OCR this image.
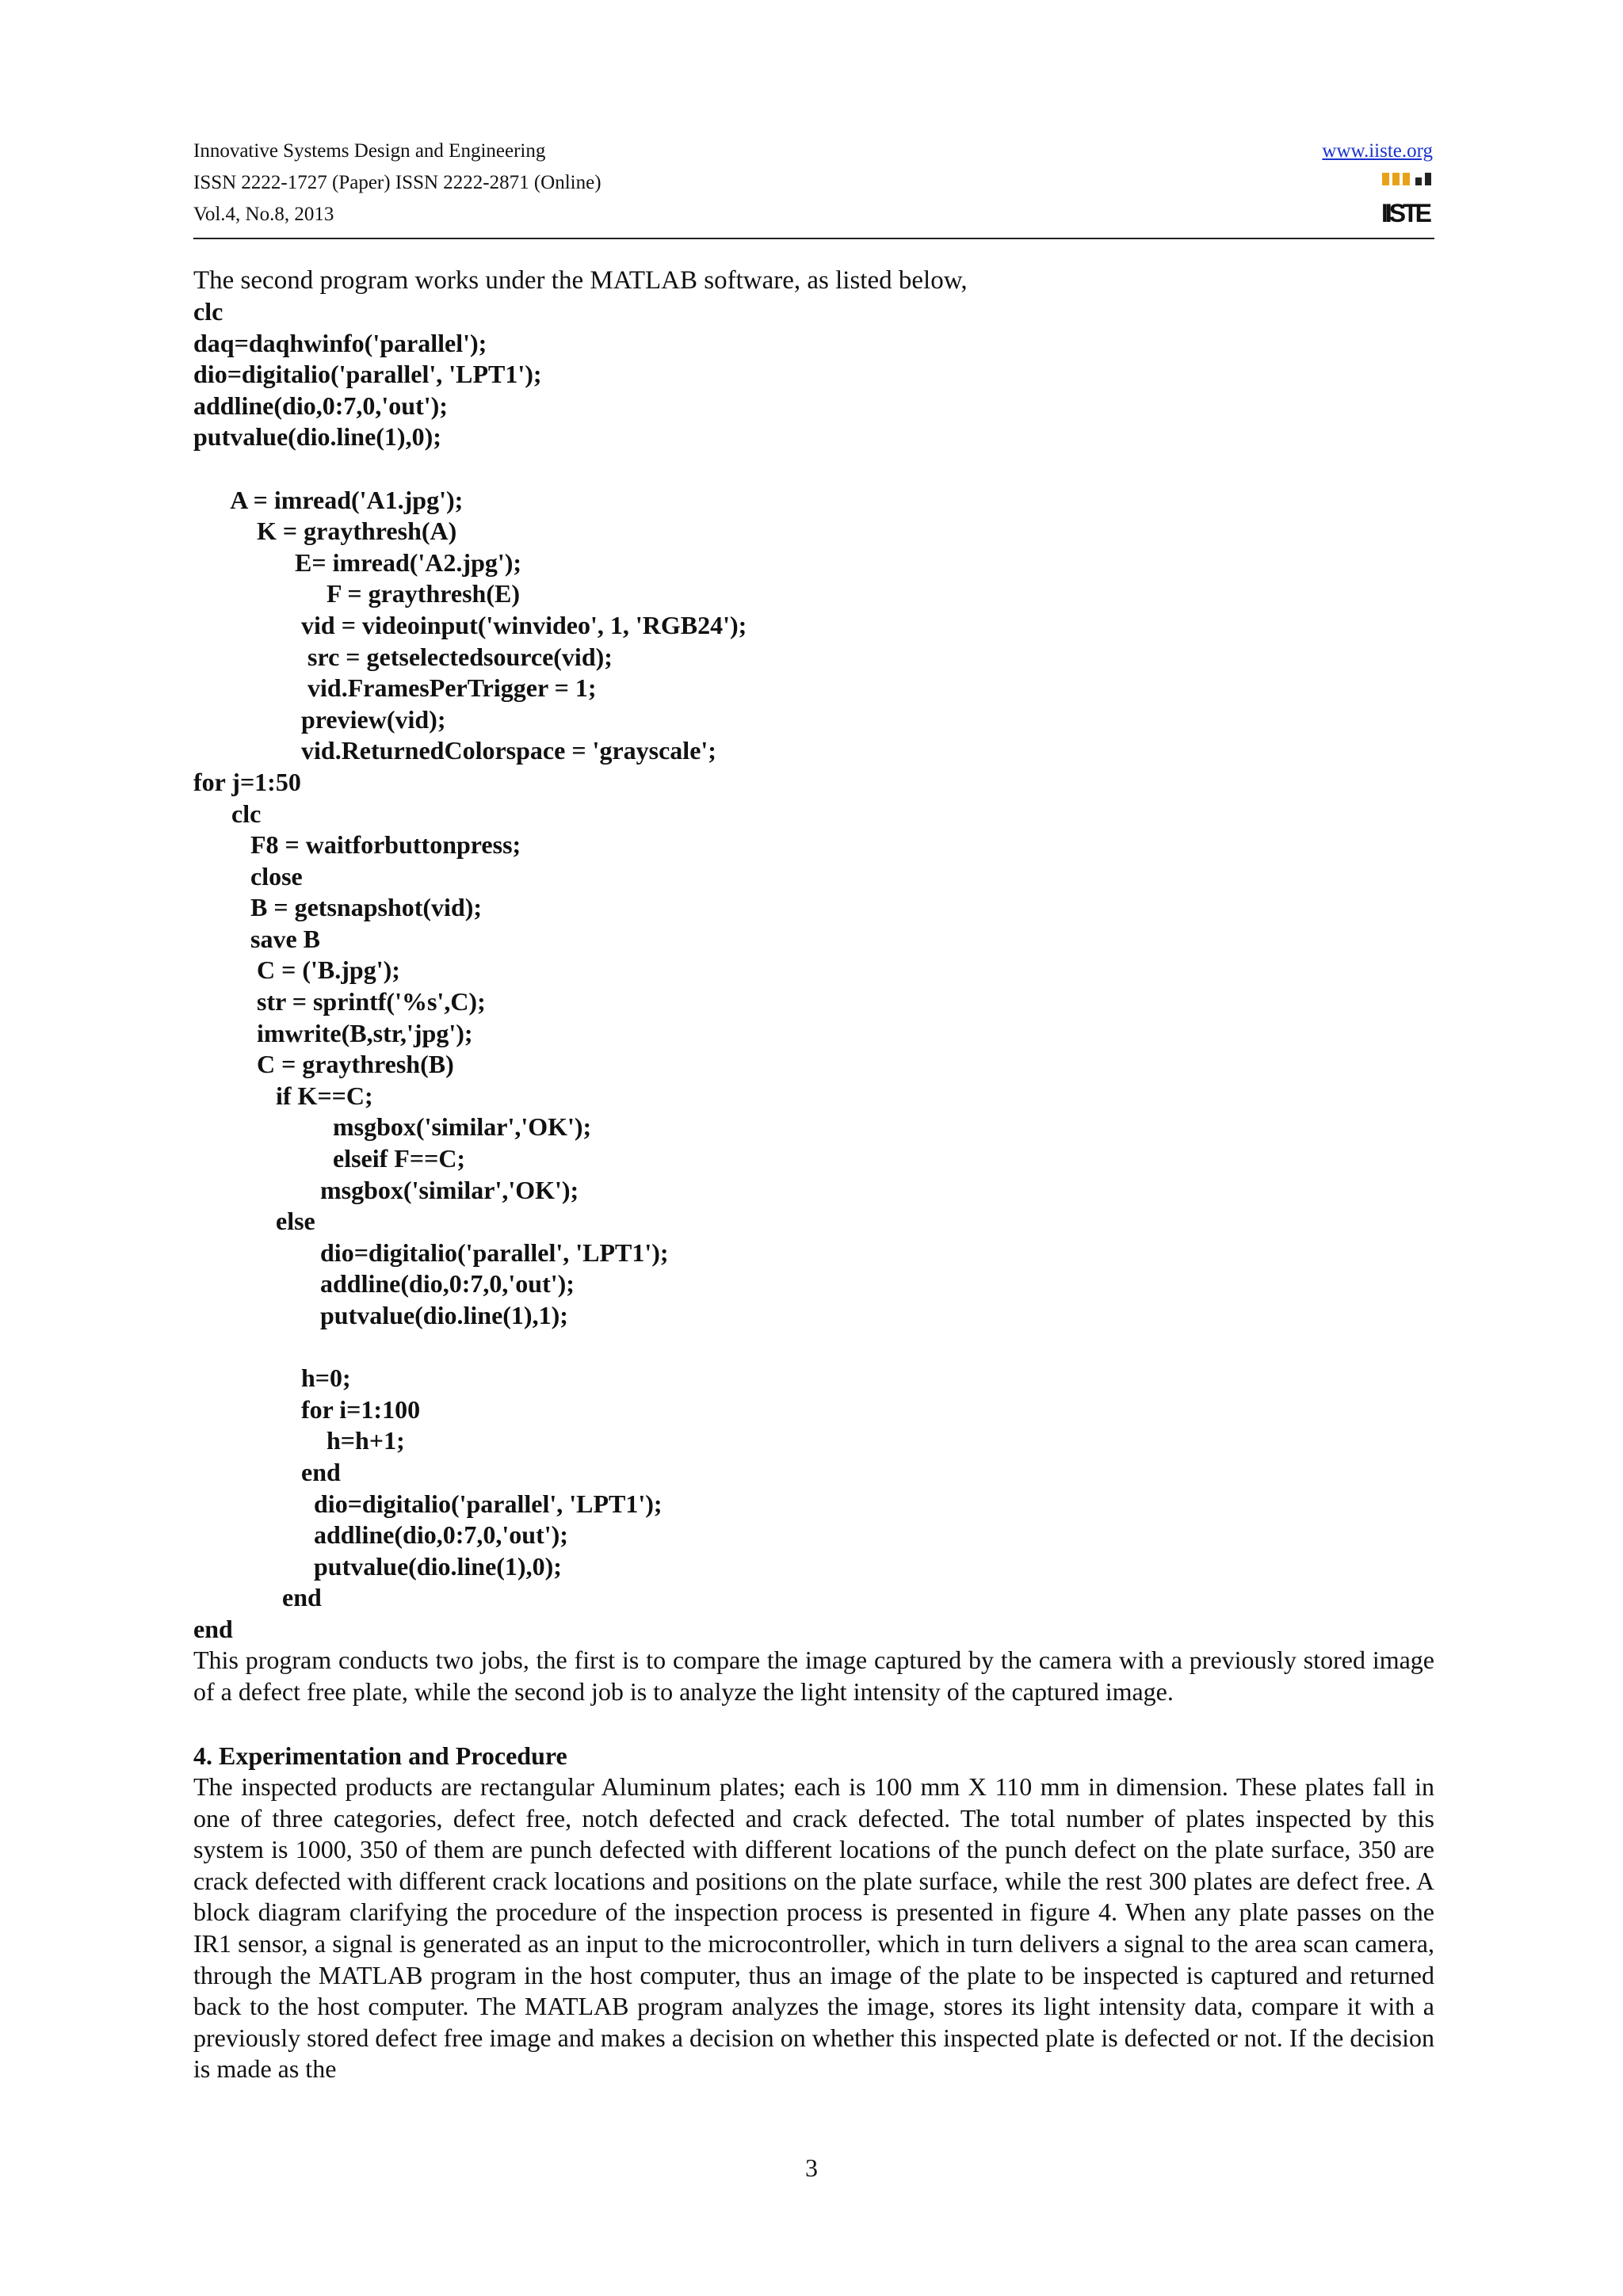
Innovative Systems Design and Engineering
ISSN 2222-1727 (Paper) ISSN 2222-2871 (Online)
Vol.4, No.8, 2013
www.iiste.org
IISTE
The second program works under the MATLAB software, as listed below,
clc
daq=daqhwinfo('parallel');
dio=digitalio('parallel', 'LPT1');
addline(dio,0:7,0,'out');
putvalue(dio.line(1),0);

A = imread('A1.jpg');
K = graythresh(A)
E= imread('A2.jpg');
F = graythresh(E)
vid = videoinput('winvideo', 1, 'RGB24');
src = getselectedsource(vid);
vid.FramesPerTrigger = 1;
preview(vid);
vid.ReturnedColorspace = 'grayscale';
for j=1:50
clc
F8 = waitforbuttonpress;
close
B = getsnapshot(vid);
save B
C = ('B.jpg');
str = sprintf('%s',C);
imwrite(B,str,'jpg');
C = graythresh(B)
if K==C;
msgbox('similar','OK');
elseif F==C;
msgbox('similar','OK');
else
dio=digitalio('parallel', 'LPT1');
addline(dio,0:7,0,'out');
putvalue(dio.line(1),1);

h=0;
for i=1:100
h=h+1;
end
dio=digitalio('parallel', 'LPT1');
addline(dio,0:7,0,'out');
putvalue(dio.line(1),0);
end
end
This program conducts two jobs, the first is to compare the image captured by the camera with a previously stored image of a defect free plate, while the second job is to analyze the light intensity of the captured image.
4. Experimentation and Procedure
The inspected products are rectangular Aluminum plates; each is 100 mm X 110 mm in dimension. These plates fall in one of three categories, defect free, notch defected and crack defected. The total number of plates inspected by this system is 1000, 350 of them are punch defected with different locations of the punch defect on the plate surface, 350 are crack defected with different crack locations and positions on the plate surface, while the rest 300 plates are defect free. A block diagram clarifying the procedure of the inspection process is presented in figure 4. When any plate passes on the IR1 sensor, a signal is generated as an input to the microcontroller, which in turn delivers a signal to the area scan camera, through the MATLAB program in the host computer, thus an image of the plate to be inspected is captured and returned back to the host computer. The MATLAB program analyzes the image, stores its light intensity data, compare it with a previously stored defect free image and makes a decision on whether this inspected plate is defected or not. If the decision is made as the
3
